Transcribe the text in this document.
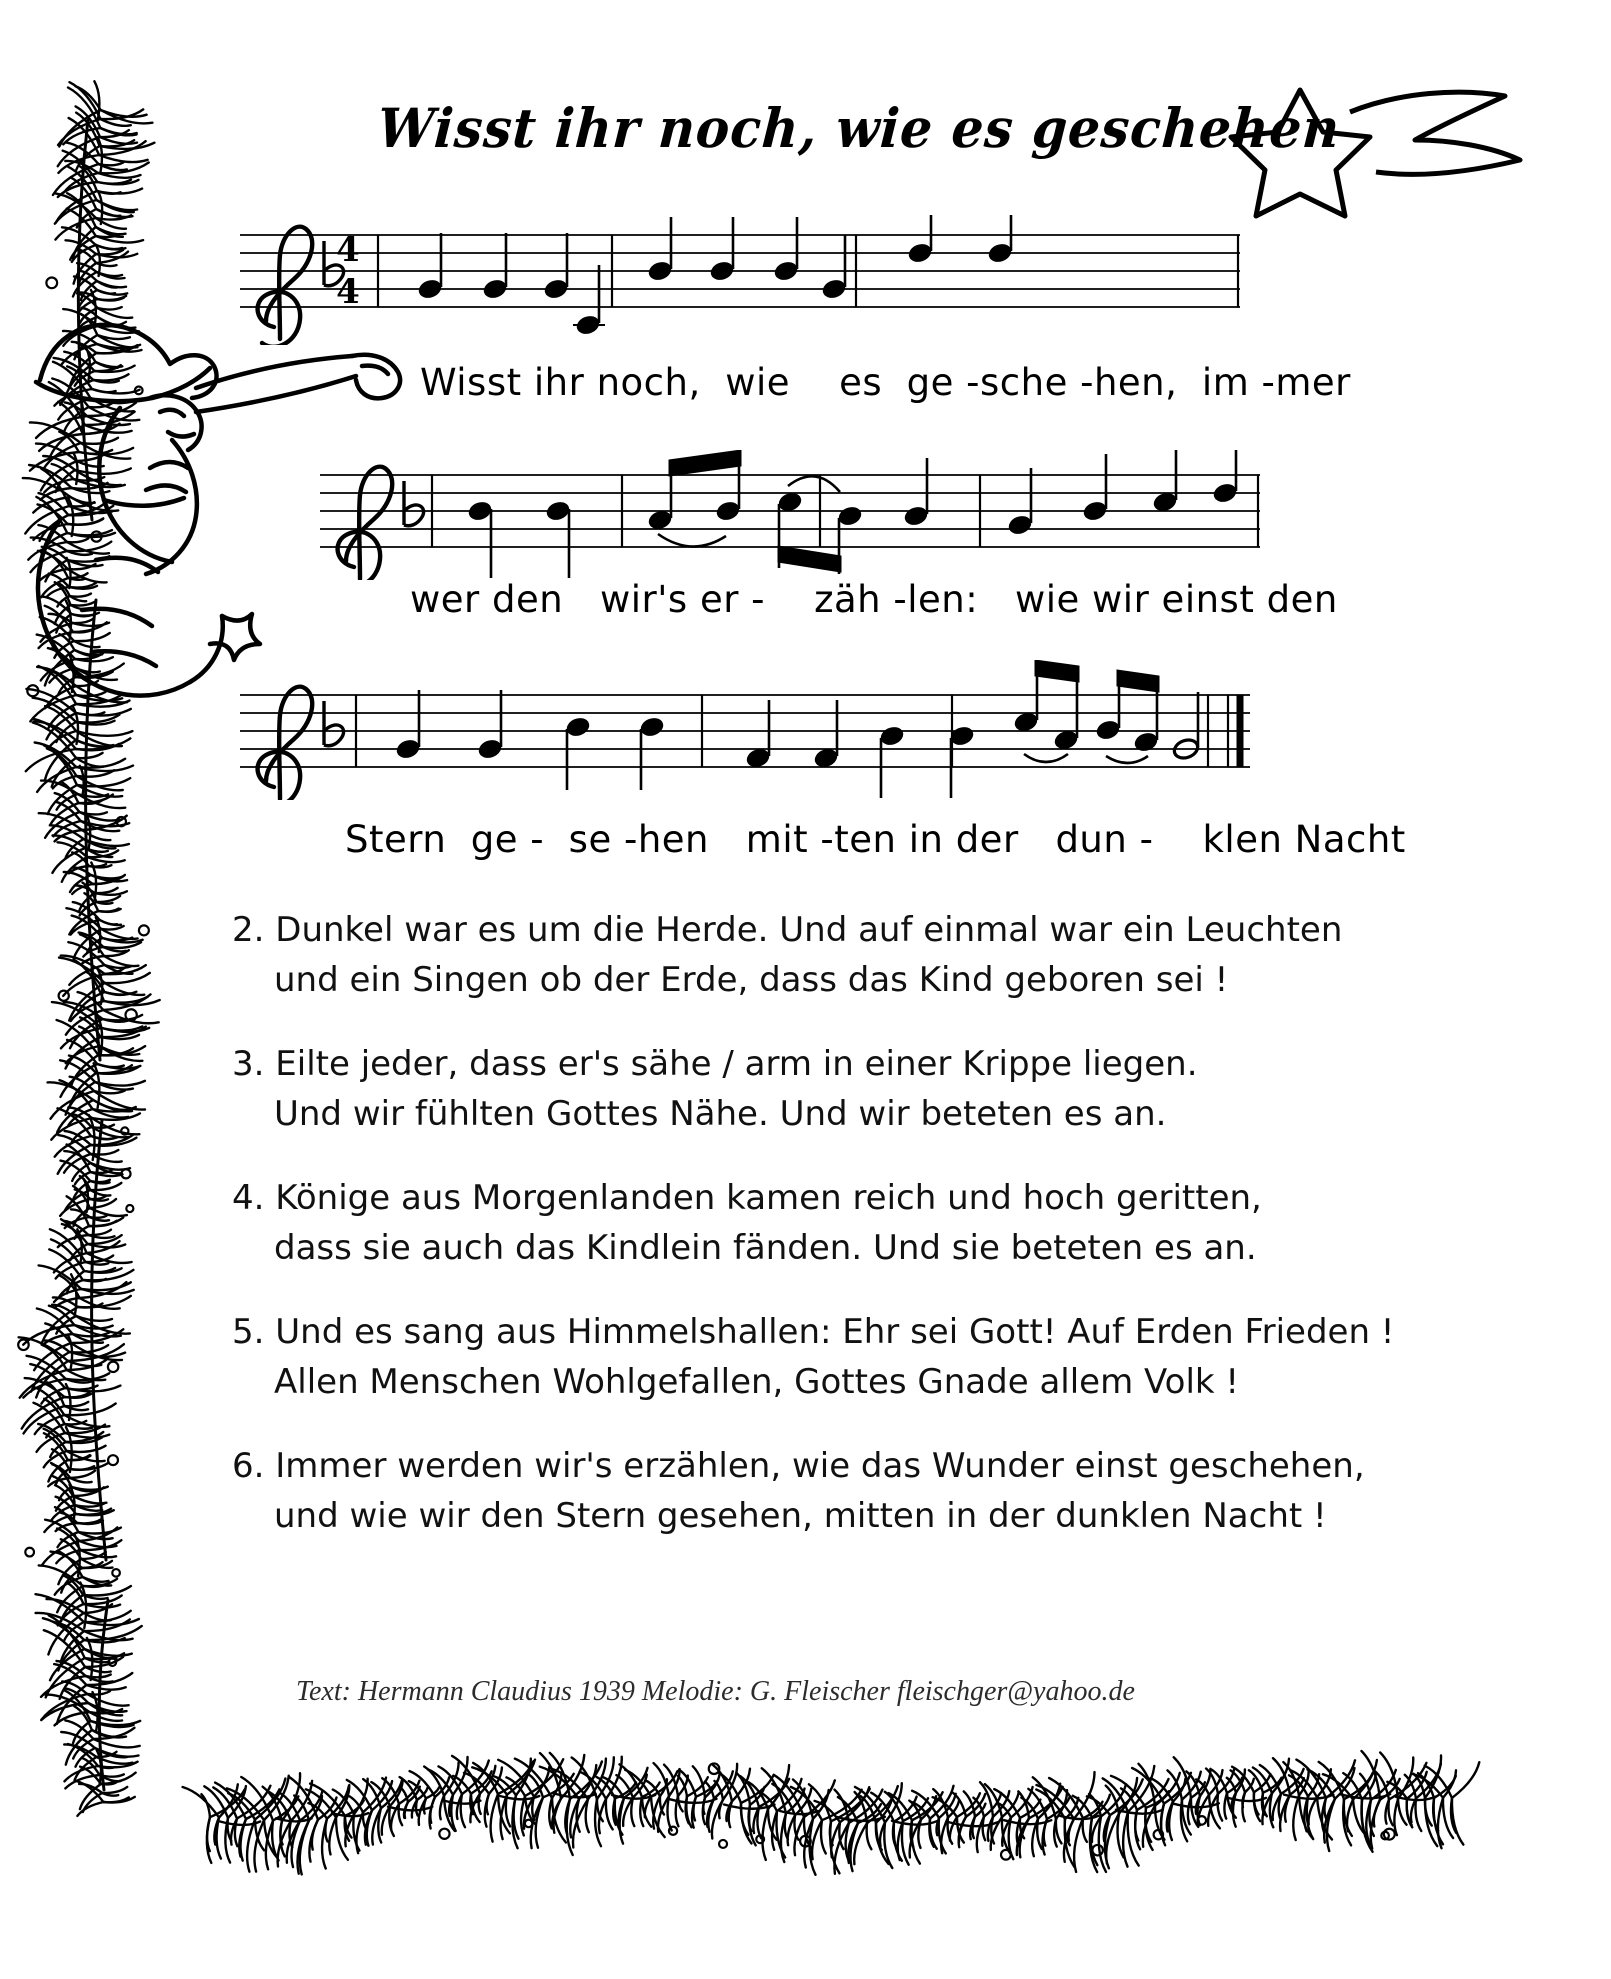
Wisst ihr noch, wie es geschehen
4
4
Wisst ihr noch,  wie    es  ge -sche -hen,  im -mer
wer den   wir's er -    zäh -len:   wie wir einst den
Stern  ge -  se -hen   mit -ten in der   dun -    klen Nacht
2. Dunkel war es um die Herde. Und auf einmal war ein Leuchten
und ein Singen ob der Erde, dass das Kind geboren sei !
3. Eilte jeder, dass er's sähe / arm in einer Krippe liegen.
Und wir fühlten Gottes Nähe. Und wir beteten es an.
4. Könige aus Morgenlanden kamen reich und hoch geritten,
dass sie auch das Kindlein fänden. Und sie beteten es an.
5. Und es sang aus Himmelshallen: Ehr sei Gott! Auf Erden Frieden !
Allen Menschen Wohlgefallen, Gottes Gnade allem Volk !
6. Immer werden wir's erzählen, wie das Wunder einst geschehen,
und wie wir den Stern gesehen, mitten in der dunklen Nacht !
Text: Hermann Claudius 1939 Melodie: G. Fleischer fleischger@yahoo.de
